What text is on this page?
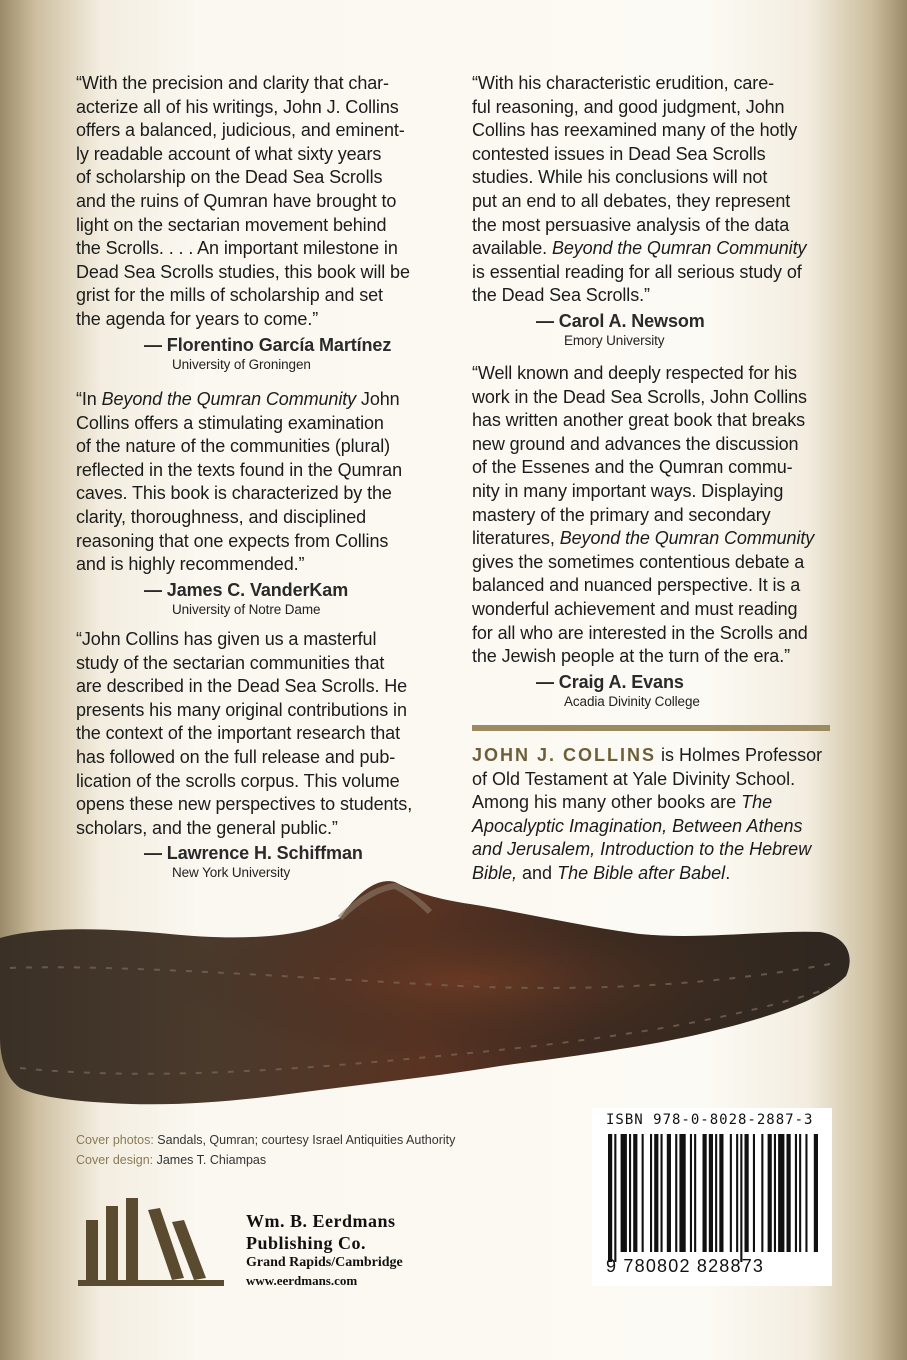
“With the precision and clarity that char-
acterize all of his writings, John J. Collins
offers a balanced, judicious, and eminent-
ly readable account of what sixty years
of scholarship on the Dead Sea Scrolls
and the ruins of Qumran have brought to
light on the sectarian movement behind
the Scrolls. . . . An important milestone in
Dead Sea Scrolls studies, this book will be
grist for the mills of scholarship and set
the agenda for years to come.”

— Florentino García Martínez
University of Groningen

“In Beyond the Qumran Community John
Collins offers a stimulating examination
of the nature of the communities (plural)
reflected in the texts found in the Qumran
caves. This book is characterized by the
clarity, thoroughness, and disciplined
reasoning that one expects from Collins
and is highly recommended.”

— James C. VanderKam
University of Notre Dame

“John Collins has given us a masterful
study of the sectarian communities that
are described in the Dead Sea Scrolls. He
presents his many original contributions in
the context of the important research that
has followed on the full release and pub-
lication of the scrolls corpus. This volume
opens these new perspectives to students,
scholars, and the general public.”

— Lawrence H. Schiffman
New York University

“With his characteristic erudition, care-
ful reasoning, and good judgment, John
Collins has reexamined many of the hotly
contested issues in Dead Sea Scrolls
studies. While his conclusions will not
put an end to all debates, they represent
the most persuasive analysis of the data
available. Beyond the Qumran Community
is essential reading for all serious study of
the Dead Sea Scrolls.”

— Carol A. Newsom
Emory University

“Well known and deeply respected for his
work in the Dead Sea Scrolls, John Collins
has written another great book that breaks
new ground and advances the discussion
of the Essenes and the Qumran commu-
nity in many important ways. Displaying
mastery of the primary and secondary
literatures, Beyond the Qumran Community
gives the sometimes contentious debate a
balanced and nuanced perspective. It is a
wonderful achievement and must reading
for all who are interested in the Scrolls and
the Jewish people at the turn of the era.”

— Craig A. Evans
Acadia Divinity College
JOHN J. COLLINS is Holmes Professor of Old Testament at Yale Divinity School. Among his many other books are The Apocalyptic Imagination, Between Athens and Jerusalem, Introduction to the Hebrew Bible, and The Bible after Babel.
Cover photos: Sandals, Qumran; courtesy Israel Antiquities Authority
Cover design: James T. Chiampas
Wm. B. Eerdmans
Publishing Co.
Grand Rapids/Cambridge
www.eerdmans.com
ISBN 978-0-8028-2887-3
9 780802 828873
